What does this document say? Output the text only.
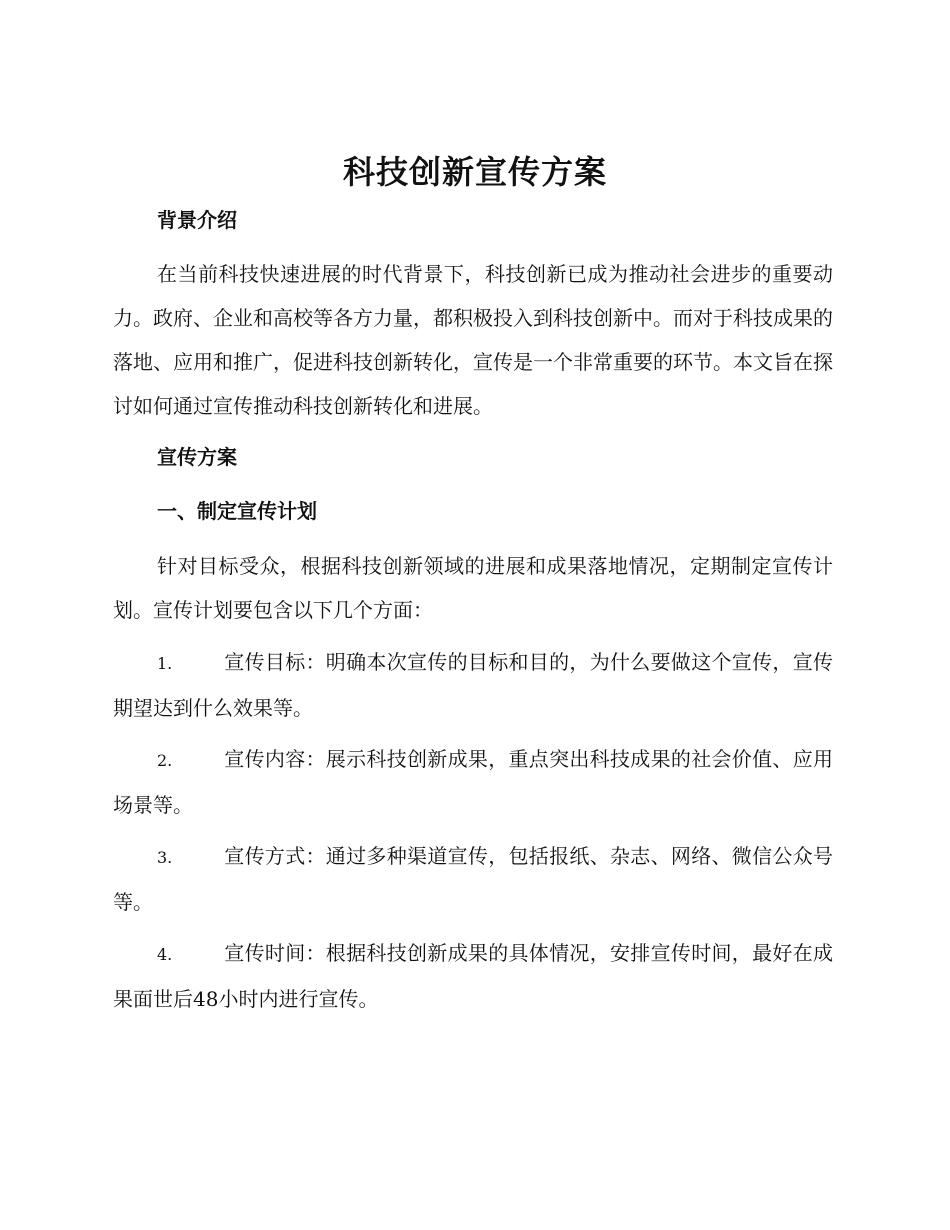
科技创新宣传方案
背景介绍

在当前科技快速进展的时代背景下，科技创新已成为推动社会进步的重要动力。政府、企业和高校等各方力量，都积极投入到科技创新中。而对于科技成果的落地、应用和推广，促进科技创新转化，宣传是一个非常重要的环节。本文旨在探讨如何通过宣传推动科技创新转化和进展。

宣传方案
一、制定宣传计划

针对目标受众，根据科技创新领域的进展和成果落地情况，定期制定宣传计划。宣传计划要包含以下几个方面：

1.	宣传目标：明确本次宣传的目标和目的，为什么要做这个宣传，宣传期望达到什么效果等。

2.	宣传内容：展示科技创新成果，重点突出科技成果的社会价值、应用场景等。

3.	宣传方式：通过多种渠道宣传，包括报纸、杂志、网络、微信公众号等。

4.	宣传时间：根据科技创新成果的具体情况，安排宣传时间，最好在成果面世后48小时内进行宣传。
